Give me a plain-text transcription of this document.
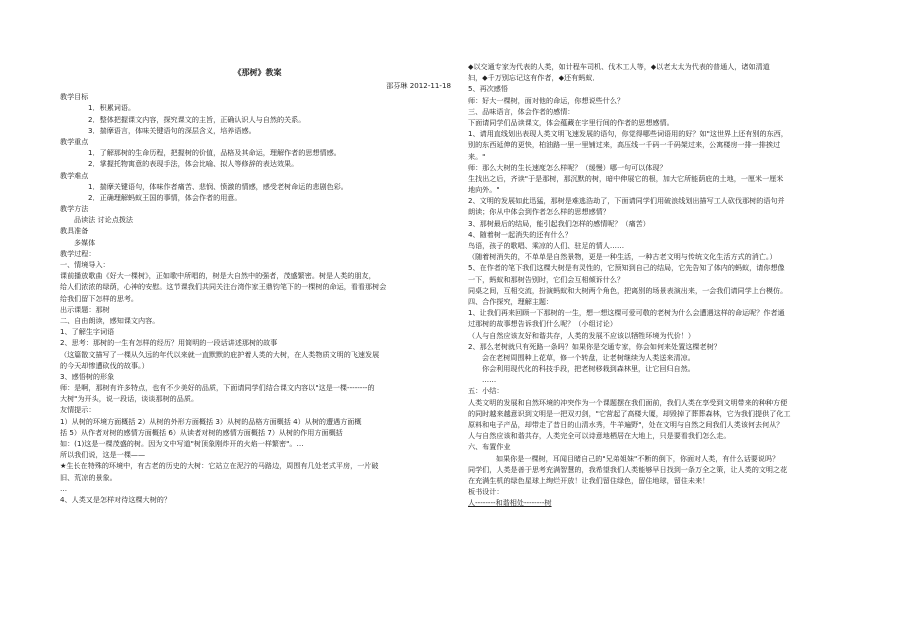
《那树》教案
邵芬琳 2012-11-18
教学目标
1．积累词语。
2．整体把握课文内容，探究课文的主旨，正确认识人与自然的关系。
3．揣摩语言，体味关键语句的深层含义，培养语感。
教学重点
1．了解那树的生命历程，把握树的价值，品格及其命运，理解作者的思想情感。
2．掌握托物寓意的表现手法，体会比喻、拟人等修辞的表达效果。
教学难点
1．揣摩关键语句，体味作者痛苦、悲悯、愤激的情感，感受老树命运的悲剧色彩。
2．正确理解蚂蚁王国的事情，体会作者的用意。
教学方法
品读法 讨论点拨法
教具准备
多媒体
教学过程：
一、情境导入：
课前播放歌曲《好大一棵树》，正如歌中所唱的，树是大自然中的强者，茂盛繁密。树是人类的朋友，
给人们浓浓的绿荫，心神的安慰。这节课我们共同关注台湾作家王鼎钧笔下的一棵树的命运，看看那树会
给我们留下怎样的思考。
出示课题：那树
二、自由朗读，感知课文内容。
1、了解生字词语
2、思考：那树的一生有怎样的经历？用简明的一段话讲述那树的故事
（这篇散文描写了一棵从久远的年代以来就一直默默的庇护着人类的大树，在人类物质文明的飞速发展
的今天却惨遭砍伐的故事。）
3、感悟树的形象
师：是啊，那树有许多特点，也有不少美好的品质，下面请同学们结合课文内容以"这是一棵--------的
大树"为开头，说一段话，谈谈那树的品质。
友情提示：
1）从树的环境方面概括 2）从树的外形方面概括 3）从树的品格方面概括 4）从树的遭遇方面概
括 5）从作者对树的感情方面概括 6）从读者对树的感情方面概括 7）从树的作用方面概括
如：(1)这是一棵茂盛的树。因为文中写道"树顶象刚炸开的火焰一样繁密"。…
所以我们说，这是一棵——
★生长在特殊的环境中，有古老的历史的大树：它站立在泥泞的马路边，周围有几处老式平房，一片破
旧、荒凉的景象。
…
4、人类又是怎样对待这棵大树的？
◆以交通专家为代表的人类，如计程车司机、伐木工人等，◆以老太太为代表的普通人，诸如清道
妇，◆千万别忘记这有作者，◆还有蚂蚁．
5、再次感悟
师：好大一棵树，面对他的命运，你想说些什么？
三、品味语言，体会作者的感情：
下面请同学们品读课文，体会蕴藏在字里行间的作者的思想感情。
1、请用直线划出表现人类文明飞速发展的语句，你觉得哪些词语用的好？如"这世界上还有别的东西，
别的东西延伸的更快，柏油路一里一里铺过来，高压线一千码一千码架过来，公寓楼房一排一排挨过
来。"
师：那么大树的生长速度怎么样呢？（缓慢）哪一句可以体现？
生找出之后，齐读"于是那树，那沉默的树，暗中伸展它的根，加大它所能荫庇的土地，一厘米一厘米
地向外。"
2、文明的发展如此迅猛，那树是难逃浩劫了，下面请同学们用破浪线划出描写工人砍伐那树的语句并
朗读；你从中体会到作者怎么样的思想感情？
3、那树最后的结局，能引起我们怎样的感情呢？（痛苦）
4、随着树一起消失的还有什么？
鸟语，孩子的歌唱、乘凉的人们、驻足的情人……
（随着树消失的，不单单是自然景物，更是一种生活，一种古老文明与传统文化生活方式的消亡。）
5、在作者的笔下我们这棵大树是有灵性的，它预知到自己的结局，它先告知了体内的蚂蚁，请你想像
一下，蚂蚁和那树告别时，它们会互相倾诉什么？
同桌之间，互相交流，扮演蚂蚁和大树两个角色，把离别的场景表演出来，一会我们请同学上台模仿。
四、合作探究，理解主题：
1、让我们再来回顾一下那树的一生，想一想这棵可爱可敬的老树为什么会遭遇这样的命运呢？作者通
过那树的故事想告诉我们什么呢？（小组讨论）
（人与自然应该友好和谐共存，人类的发展不应该以牺牲环境为代价！）
2、那么老树就只有死路一条吗？如果你是交通专家，你会如何来处置这棵老树？
会在老树周围种上花草，修一个转盘，让老树继续为人类送来清凉。
你会利用现代化的科技手段，把老树移栽到森林里，让它回归自然。
……
五：小结：
人类文明的发展和自然环境的冲突作为一个课题摆在我们面前，我们人类在享受到文明带来的种种方便
的同时越来越意识到文明是一把双刃剑，"它营起了高楼大厦，却毁掉了葬葬森林，它为我们提供了化工
原料和电子产品，却带走了昔日的山清水秀，牛羊遍野"，处在文明与自然之间我们人类该何去何从？
人与自然应该和谐共存，人类完全可以诗意地栖居在大地上，只是要看我们怎么走。
六、布置作业
如果你是一棵树，耳闻目睹自己的"兄弟姐妹"不断的倒下，你面对人类，有什么话要说吗？
同学们，人类是善于思考充满智慧的，我希望我们人类能够早日找到一条万全之策，让人类的文明之花
在充满生机的绿色星球上绚烂开放！让我们留住绿色，留住地球，留住未来！
板书设计：
人--------和谐相处--------树
